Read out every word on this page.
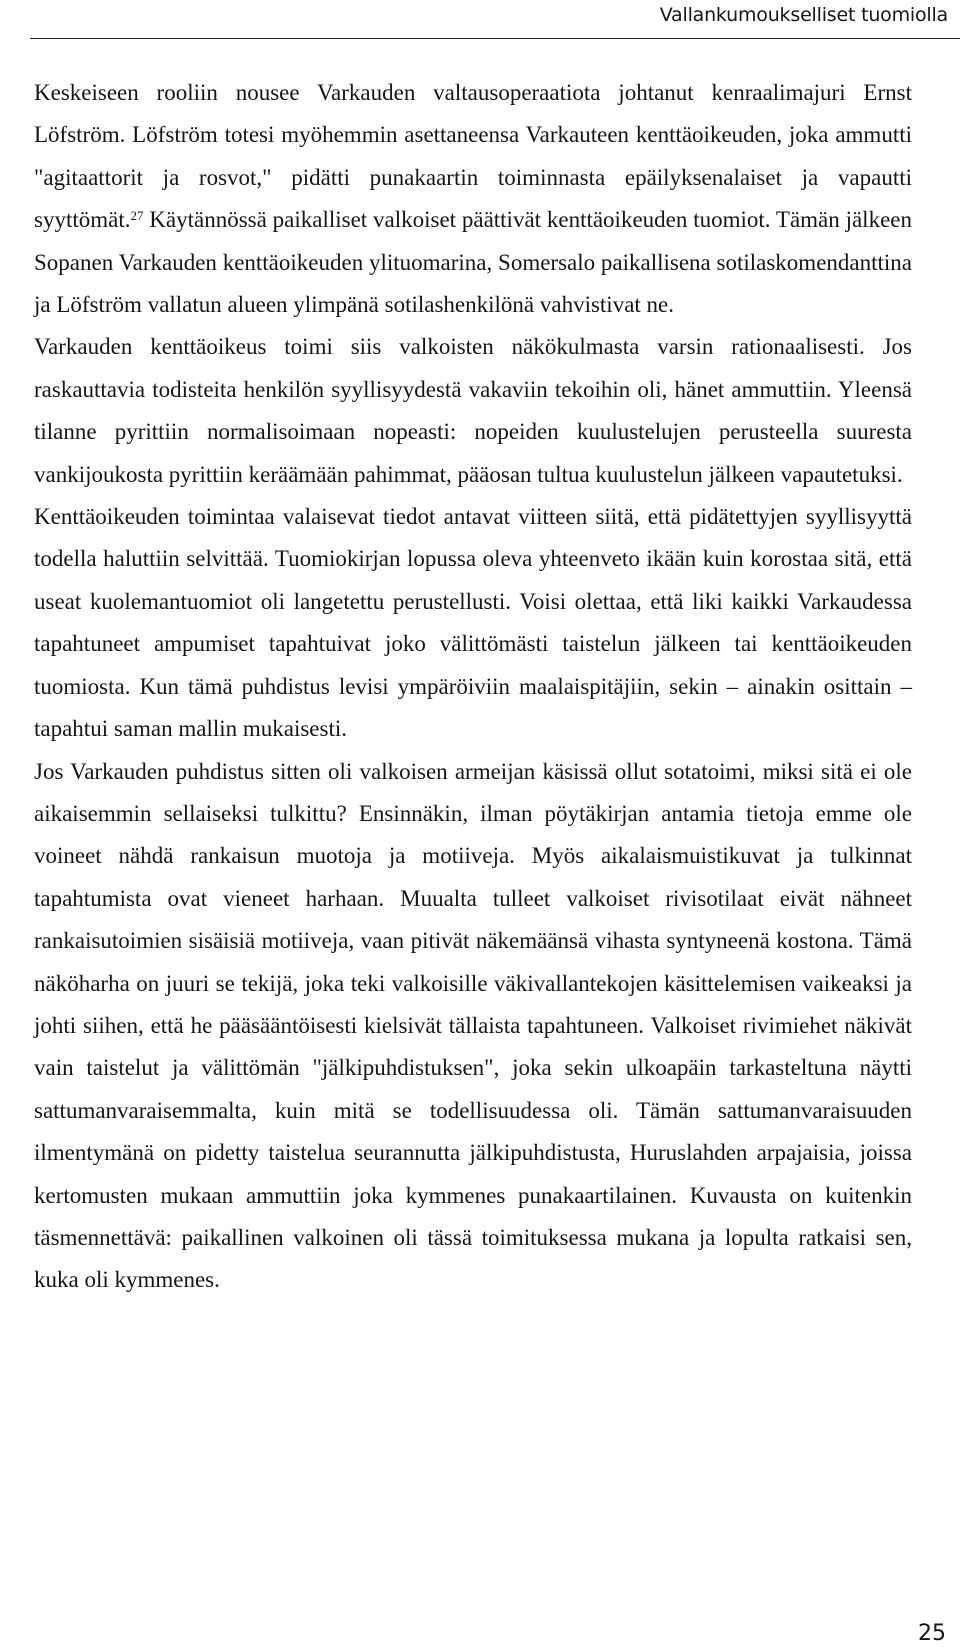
Vallankumoukselliset tuomiolla

Keskeiseen rooliin nousee Varkauden valtausoperaatiota johtanut kenraalimajuri Ernst Löfström. Löfström totesi myöhemmin asettaneensa Varkauteen kenttäoikeuden, joka ammutti "agitaattorit ja rosvot," pidätti punakaartin toiminnasta epäilyksenalaiset ja vapautti syyttömät.$^{27}$ Käytännössä paikalliset valkoiset päättivät kenttäoikeuden tuomiot. Tämän jälkeen Sopanen Varkauden kenttäoikeuden ylituomarina, Somersalo paikallisena sotilaskomendanttina ja Löfström vallatun alueen ylimpänä sotilashenkilönä vahvistivat ne.

Varkauden kenttäoikeus toimi siis valkoisten näkökulmasta varsin rationaalisesti. Jos raskauttavia todisteita henkilön syyllisyydestä vakaviin tekoihin oli, hänet ammuttiin. Yleensä tilanne pyrittiin normalisoimaan nopeasti: nopeiden kuulustelujen perusteella suuresta vankijoukosta pyrittiin keräämään pahimmat, pääosan tultua kuulustelun jälkeen vapautetuksi.

Kenttäoikeuden toimintaa valaisevat tiedot antavat viitteen siitä, että pidätettyjen syyllisyyttä todella haluttiin selvittää. Tuomiokirjan lopussa oleva yhteenveto ikään kuin korostaa sitä, että useat kuolemantuomiot oli langetettu perustellusti. Voisi olettaa, että liki kaikki Varkaudessa tapahtuneet ampumiset tapahtuivat joko välittömästi taistelun jälkeen tai kenttäoikeuden tuomiosta. Kun tämä puhdistus levisi ympäröiviin maalaispitäjiin, sekin – ainakin osittain – tapahtui saman mallin mukaisesti.

Jos Varkauden puhdistus sitten oli valkoisen armeijan käsissä ollut sotatoimi, miksi sitä ei ole aikaisemmin sellaiseksi tulkittu? Ensinnäkin, ilman pöytäkirjan antamia tietoja emme ole voineet nähdä rankaisun muotoja ja motiiveja. Myös aikalaismuistikuvat ja tulkinnat tapahtumista ovat vieneet harhaan. Muualta tulleet valkoiset rivisotilaat eivät nähneet rankaisutoimien sisäisiä motiiveja, vaan pitivät näkemäänsä vihasta syntyneenä kostona. Tämä näköharha on juuri se tekijä, joka teki valkoisille väkivallantekojen käsittelemisen vaikeaksi ja johti siihen, että he pääsääntöisesti kielsivät tällaista tapahtuneen. Valkoiset rivimiehet näkivät vain taistelut ja välittömän "jälkipuhdistuksen", joka sekin ulkoapäin tarkasteltuna näytti sattumanvaraisemmalta, kuin mitä se todellisuudessa oli. Tämän sattumanvaraisuuden ilmentymänä on pidetty taistelua seurannutta jälkipuhdistusta, Huruslahden arpajaisia, joissa kertomusten mukaan ammuttiin joka kymmenes punakaartilainen. Kuvausta on kuitenkin täsmennettävä: paikallinen valkoinen oli tässä toimituksessa mukana ja lopulta ratkaisi sen, kuka oli kymmenes.

25
